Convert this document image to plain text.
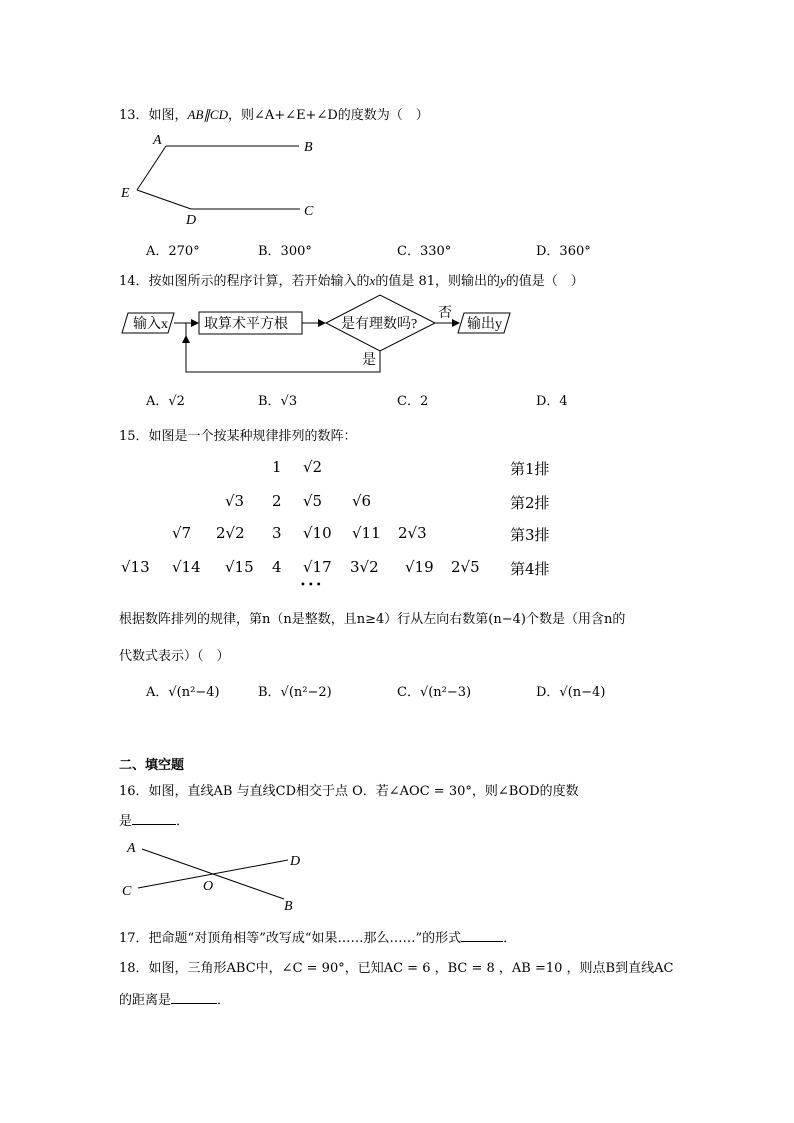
13．如图，AB∥CD，则∠A+∠E+∠D的度数为（　）
A	B
E
D
C
A．270°	B．300°	C．330°	D．360°
14．按如图所示的程序计算，若开始输入的x的值是 81，则输出的y的值是（　）
输入x	取算术平方根	是有理数吗?
否
输出y
是
A．√2	B．√3	C．2	D．4
15．如图是一个按某种规律排列的数阵：
1 √2	第1排
√3 2 √5 √6	第2排
√7 2√2 3 √10 √11 2√3	第3排
√13 √14 √15 4 √17 3√2 √19 2√5 第4排
•••
根据数阵排列的规律，第n（n是整数，且n≥4）行从左向右数第(n−4)个数是（用含n的
代数式表示）（　）
A．√(n²−4)	B．√(n²−2)	C．√(n²−3)	D．√(n−4)
二、填空题
16．如图，直线AB 与直线CD相交于点 O．若∠AOC = 30°，则∠BOD的度数
是	．
A
D
C	O
B
17．把命题“对顶角相等”改写成“如果……那么……”的形式	．
18．如图，三角形ABC中，∠C = 90°，已知AC = 6 ，BC = 8 ，AB =10 ，则点B到直线AC
的距离是	．
